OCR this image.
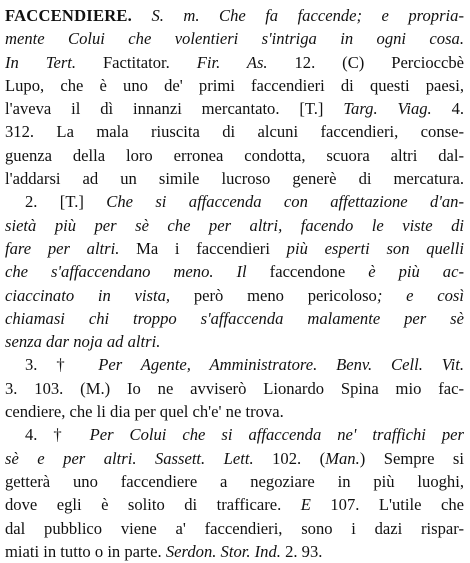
FACCENDIERE. S. m. Che fa faccende; e propria-

mente Colui che volentieri s'intriga in ogni cosa.

In Tert. Factitator. Fir. As. 12. (C) Percioccbè

Lupo, che è uno de' primi faccendieri di questi paesi,

l'aveva il dì innanzi mercantato. [T.] Targ. Viag. 4.

312. La mala riuscita di alcuni faccendieri, conse-

guenza della loro erronea condotta, scuora altri dal-

l'addarsi ad un simile lucroso generè di mercatura.

2. [T.] Che si affaccenda con affettazione d'an-

sietà più per sè che per altri, facendo le viste di

fare per altri. Ma i faccendieri più esperti son quelli

che s'affaccendano meno. Il faccendone è più ac-

ciaccinato in vista, però meno pericoloso; e così

chiamasi chi troppo s'affaccenda malamente per sè

senza dar noja ad altri.

3. † Per Agente, Amministratore. Benv. Cell. Vit.

3. 103. (M.) Io ne avviserò Lionardo Spina mio fac-

cendiere, che li dia per quel ch'e' ne trova.

4. † Per Colui che si affaccenda ne' traffichi per

sè e per altri. Sassett. Lett. 102. (Man.) Sempre si

getterà uno faccendiere a negoziare in più luoghi,

dove egli è solito di trafficare. E 107. L'utile che

dal pubblico viene a' faccendieri, sono i dazi rispar-

miati in tutto o in parte. Serdon. Stor. Ind. 2. 93.
